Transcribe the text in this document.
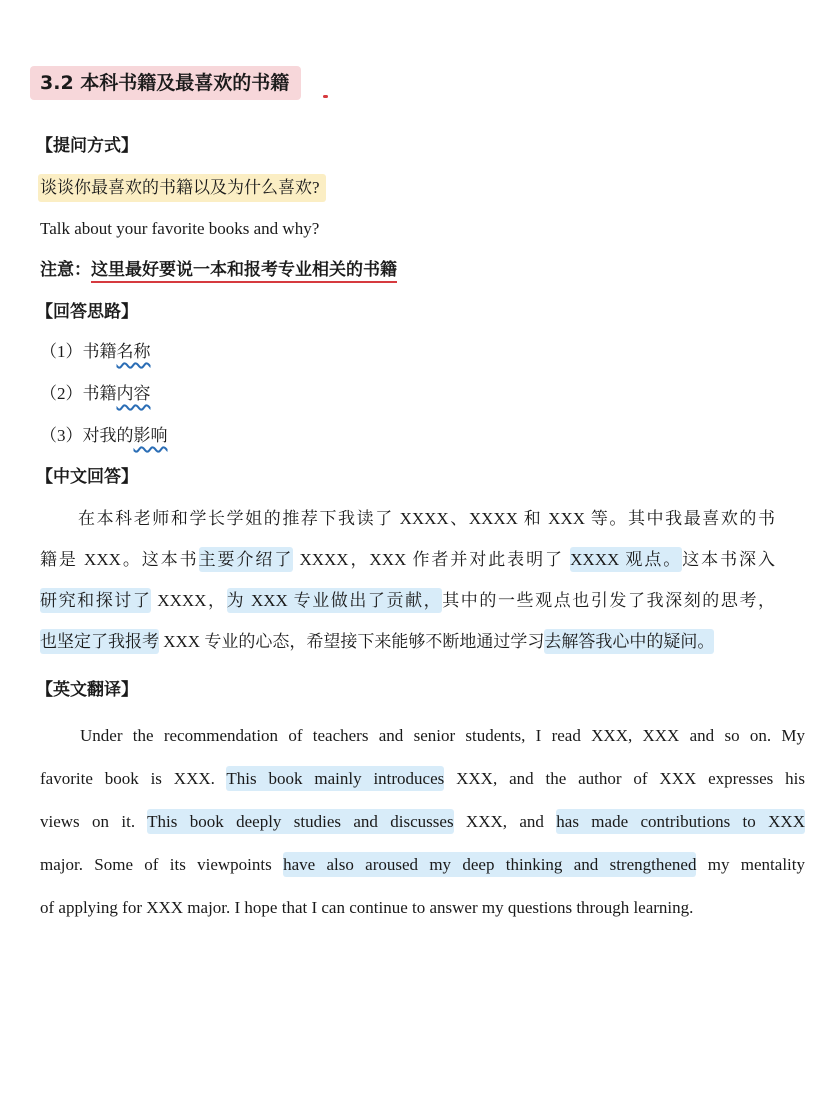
3.2 本科书籍及最喜欢的书籍
【提问方式】
谈谈你最喜欢的书籍以及为什么喜欢?
Talk about your favorite books and why?
注意：这里最好要说一本和报考专业相关的书籍
【回答思路】
（1）书籍名称
（2）书籍内容
（3）对我的影响
【中文回答】
在本科老师和学长学姐的推荐下我读了 XXXX、XXXX 和 XXX 等。其中我最喜欢的书
籍是 XXX。这本书主要介绍了 XXXX，XXX 作者并对此表明了 XXXX 观点。这本书深入
研究和探讨了 XXXX，为 XXX 专业做出了贡献，其中的一些观点也引发了我深刻的思考，
也坚定了我报考 XXX 专业的心态，希望接下来能够不断地通过学习去解答我心中的疑问。
【英文翻译】
Under the recommendation of teachers and senior students, I read XXX, XXX and so on. My
favorite book is XXX. This book mainly introduces XXX, and the author of XXX expresses his
views on it. This book deeply studies and discusses XXX, and has made contributions to XXX
major. Some of its viewpoints have also aroused my deep thinking and strengthened my mentality
of applying for XXX major. I hope that I can continue to answer my questions through learning.
